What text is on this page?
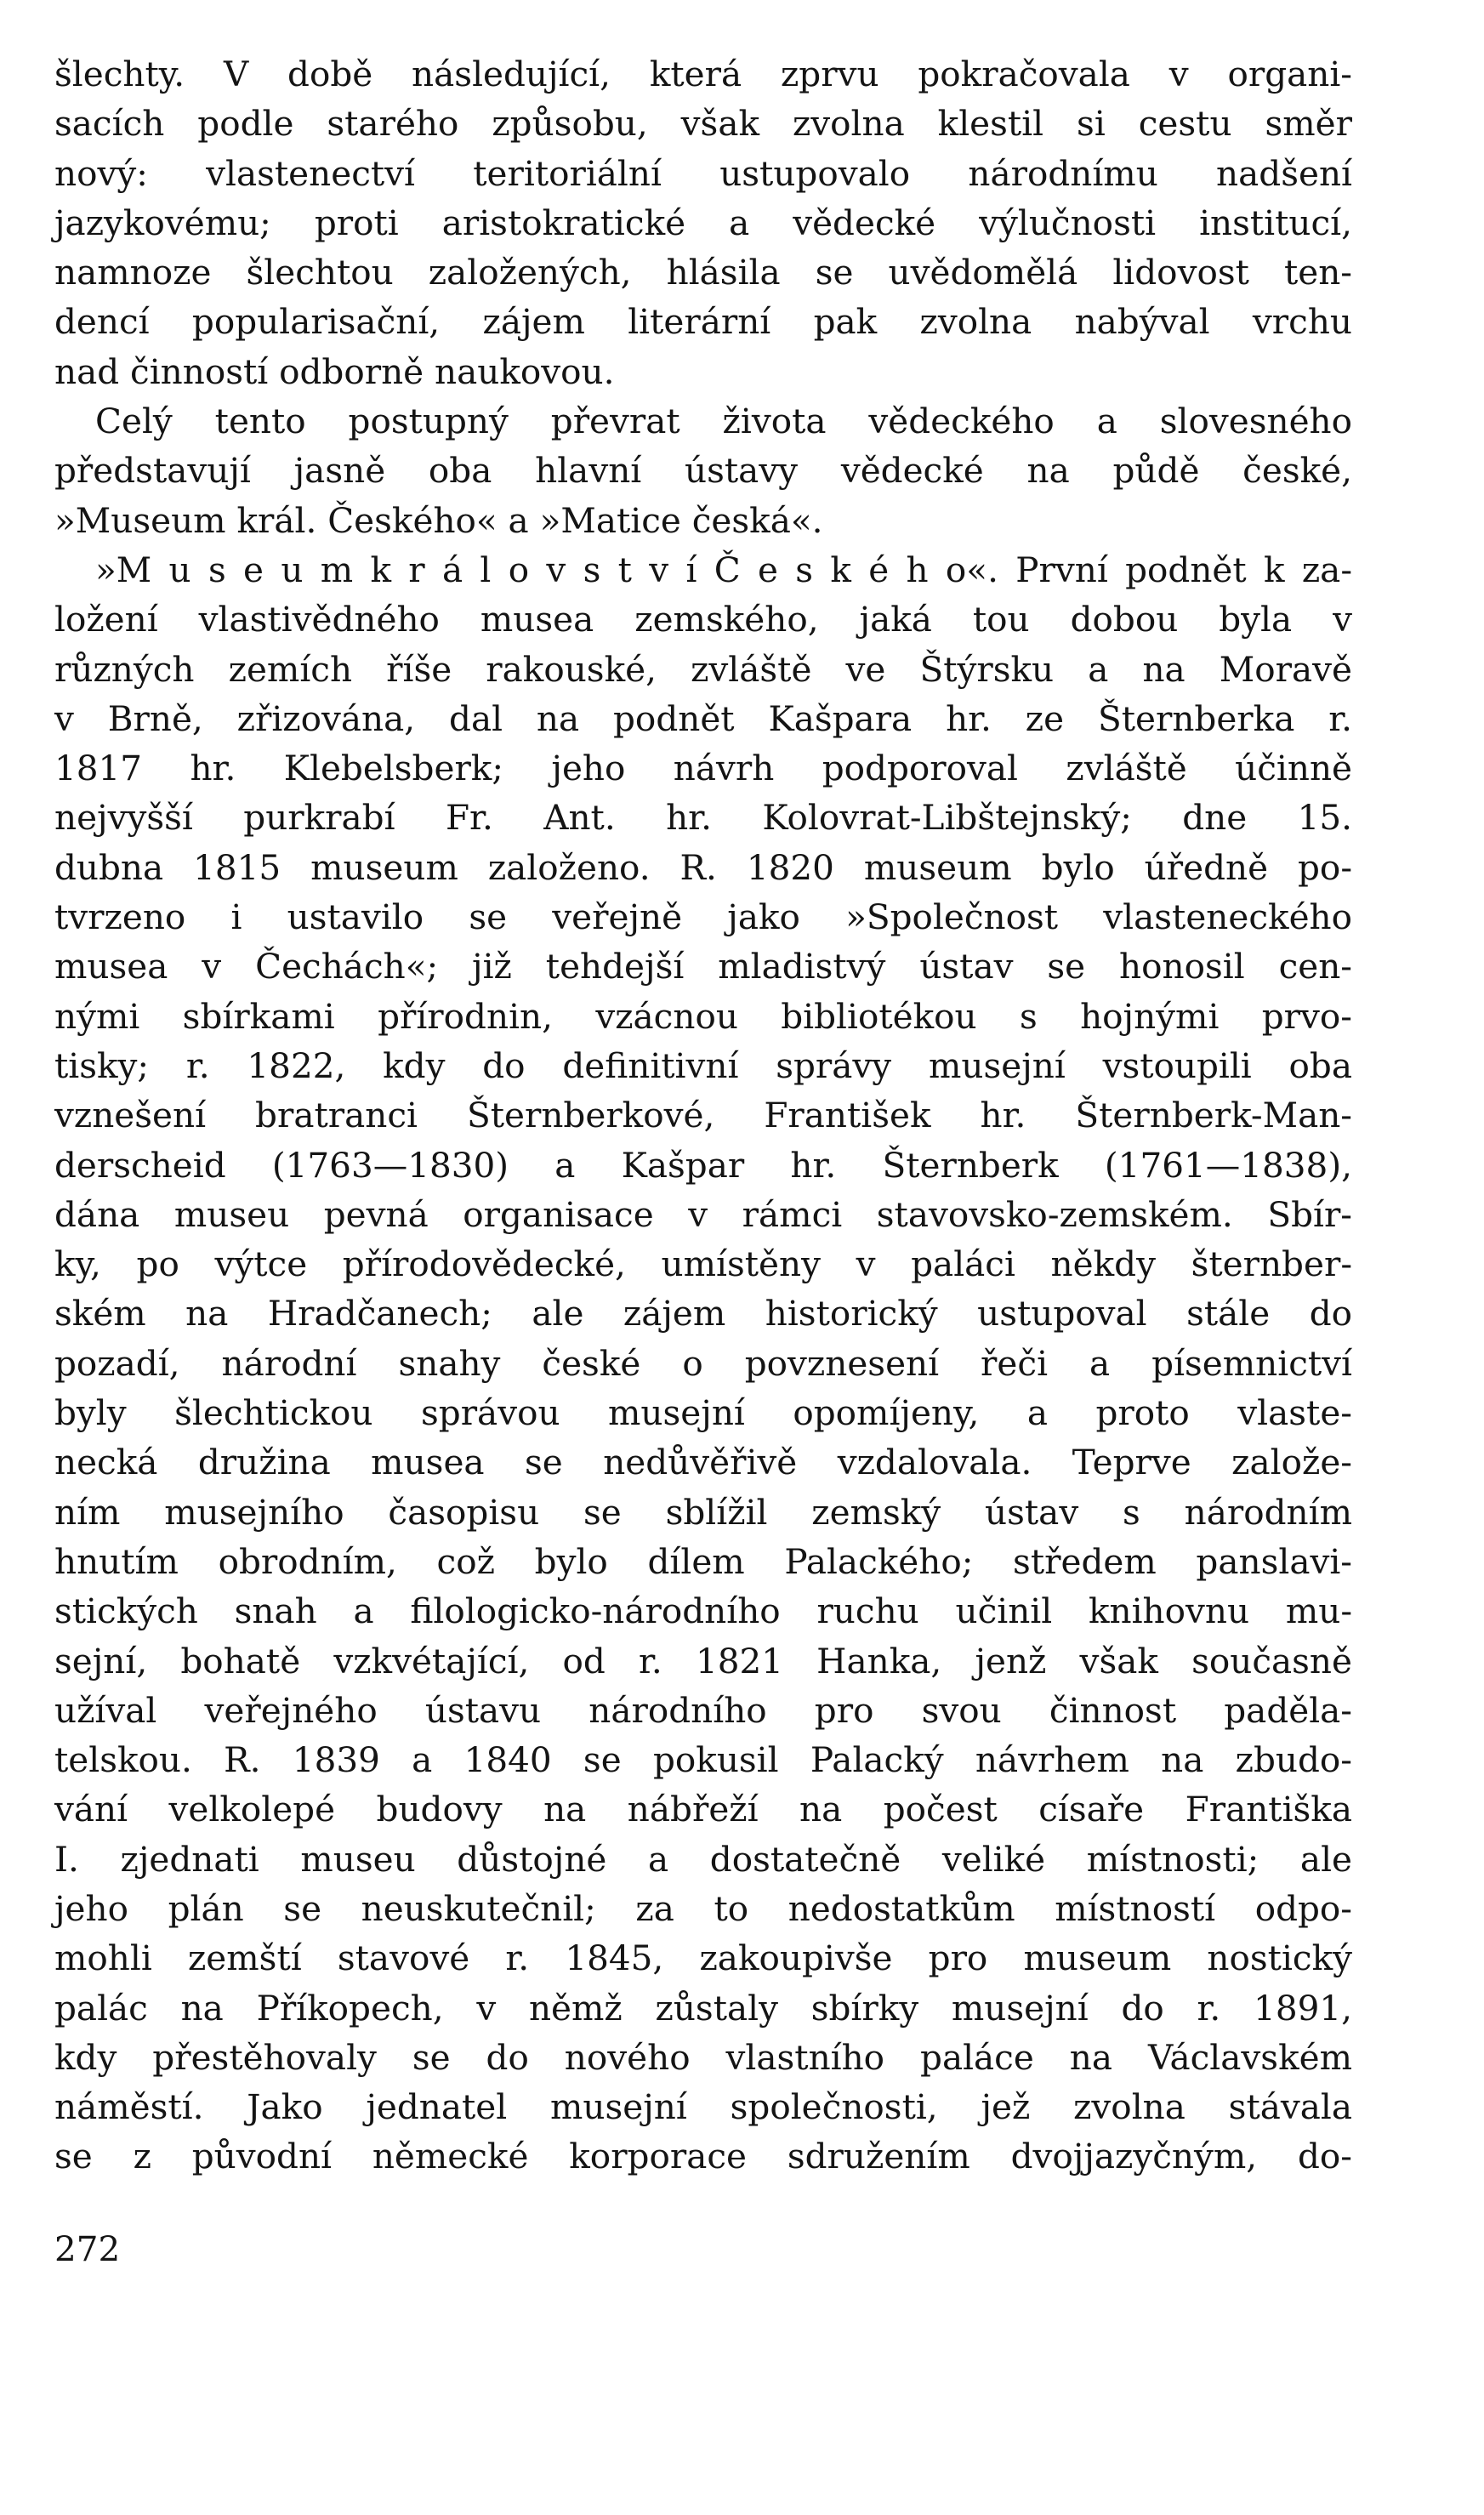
šlechty. V době následující, která zprvu pokračovala v organi-
sacích podle starého způsobu, však zvolna klestil si cestu směr
nový: vlastenectví teritoriální ustupovalo národnímu nadšení
jazykovému; proti aristokratické a vědecké výlučnosti institucí,
namnoze šlechtou založených, hlásila se uvědomělá lidovost ten-
dencí popularisační, zájem literární pak zvolna nabýval vrchu
nad činností odborně naukovou.
Celý tento postupný převrat života vědeckého a slovesného
představují jasně oba hlavní ústavy vědecké na půdě české,
»Museum král. Českého« a »Matice česká«.
»M u s e u m k r á l o v s t v í Č e s k é h o«. První podnět k za-
ložení vlastivědného musea zemského, jaká tou dobou byla v
různých zemích říše rakouské, zvláště ve Štýrsku a na Moravě
v Brně, zřizována, dal na podnět Kašpara hr. ze Šternberka r.
1817 hr. Klebelsberk; jeho návrh podporoval zvláště účinně
nejvyšší purkrabí Fr. Ant. hr. Kolovrat-Libštejnský; dne 15.
dubna 1815 museum založeno. R. 1820 museum bylo úředně po-
tvrzeno i ustavilo se veřejně jako »Společnost vlasteneckého
musea v Čechách«; již tehdejší mladistvý ústav se honosil cen-
nými sbírkami přírodnin, vzácnou bibliotékou s hojnými prvo-
tisky; r. 1822, kdy do definitivní správy musejní vstoupili oba
vznešení bratranci Šternberkové, František hr. Šternberk-Man-
derscheid (1763—1830) a Kašpar hr. Šternberk (1761—1838),
dána museu pevná organisace v rámci stavovsko-zemském. Sbír-
ky, po výtce přírodovědecké, umístěny v paláci někdy šternber-
ském na Hradčanech; ale zájem historický ustupoval stále do
pozadí, národní snahy české o povznesení řeči a písemnictví
byly šlechtickou správou musejní opomíjeny, a proto vlaste-
necká družina musea se nedůvěřivě vzdalovala. Teprve založe-
ním musejního časopisu se sblížil zemský ústav s národním
hnutím obrodním, což bylo dílem Palackého; středem panslavi-
stických snah a filologicko-národního ruchu učinil knihovnu mu-
sejní, bohatě vzkvétající, od r. 1821 Hanka, jenž však současně
užíval veřejného ústavu národního pro svou činnost paděla-
telskou. R. 1839 a 1840 se pokusil Palacký návrhem na zbudo-
vání velkolepé budovy na nábřeží na počest císaře Františka
I. zjednati museu důstojné a dostatečně veliké místnosti; ale
jeho plán se neuskutečnil; za to nedostatkům místností odpo-
mohli zemští stavové r. 1845, zakoupivše pro museum nostický
palác na Příkopech, v němž zůstaly sbírky musejní do r. 1891,
kdy přestěhovaly se do nového vlastního paláce na Václavském
náměstí. Jako jednatel musejní společnosti, jež zvolna stávala
se z původní německé korporace sdružením dvojjazyčným, do-
272
